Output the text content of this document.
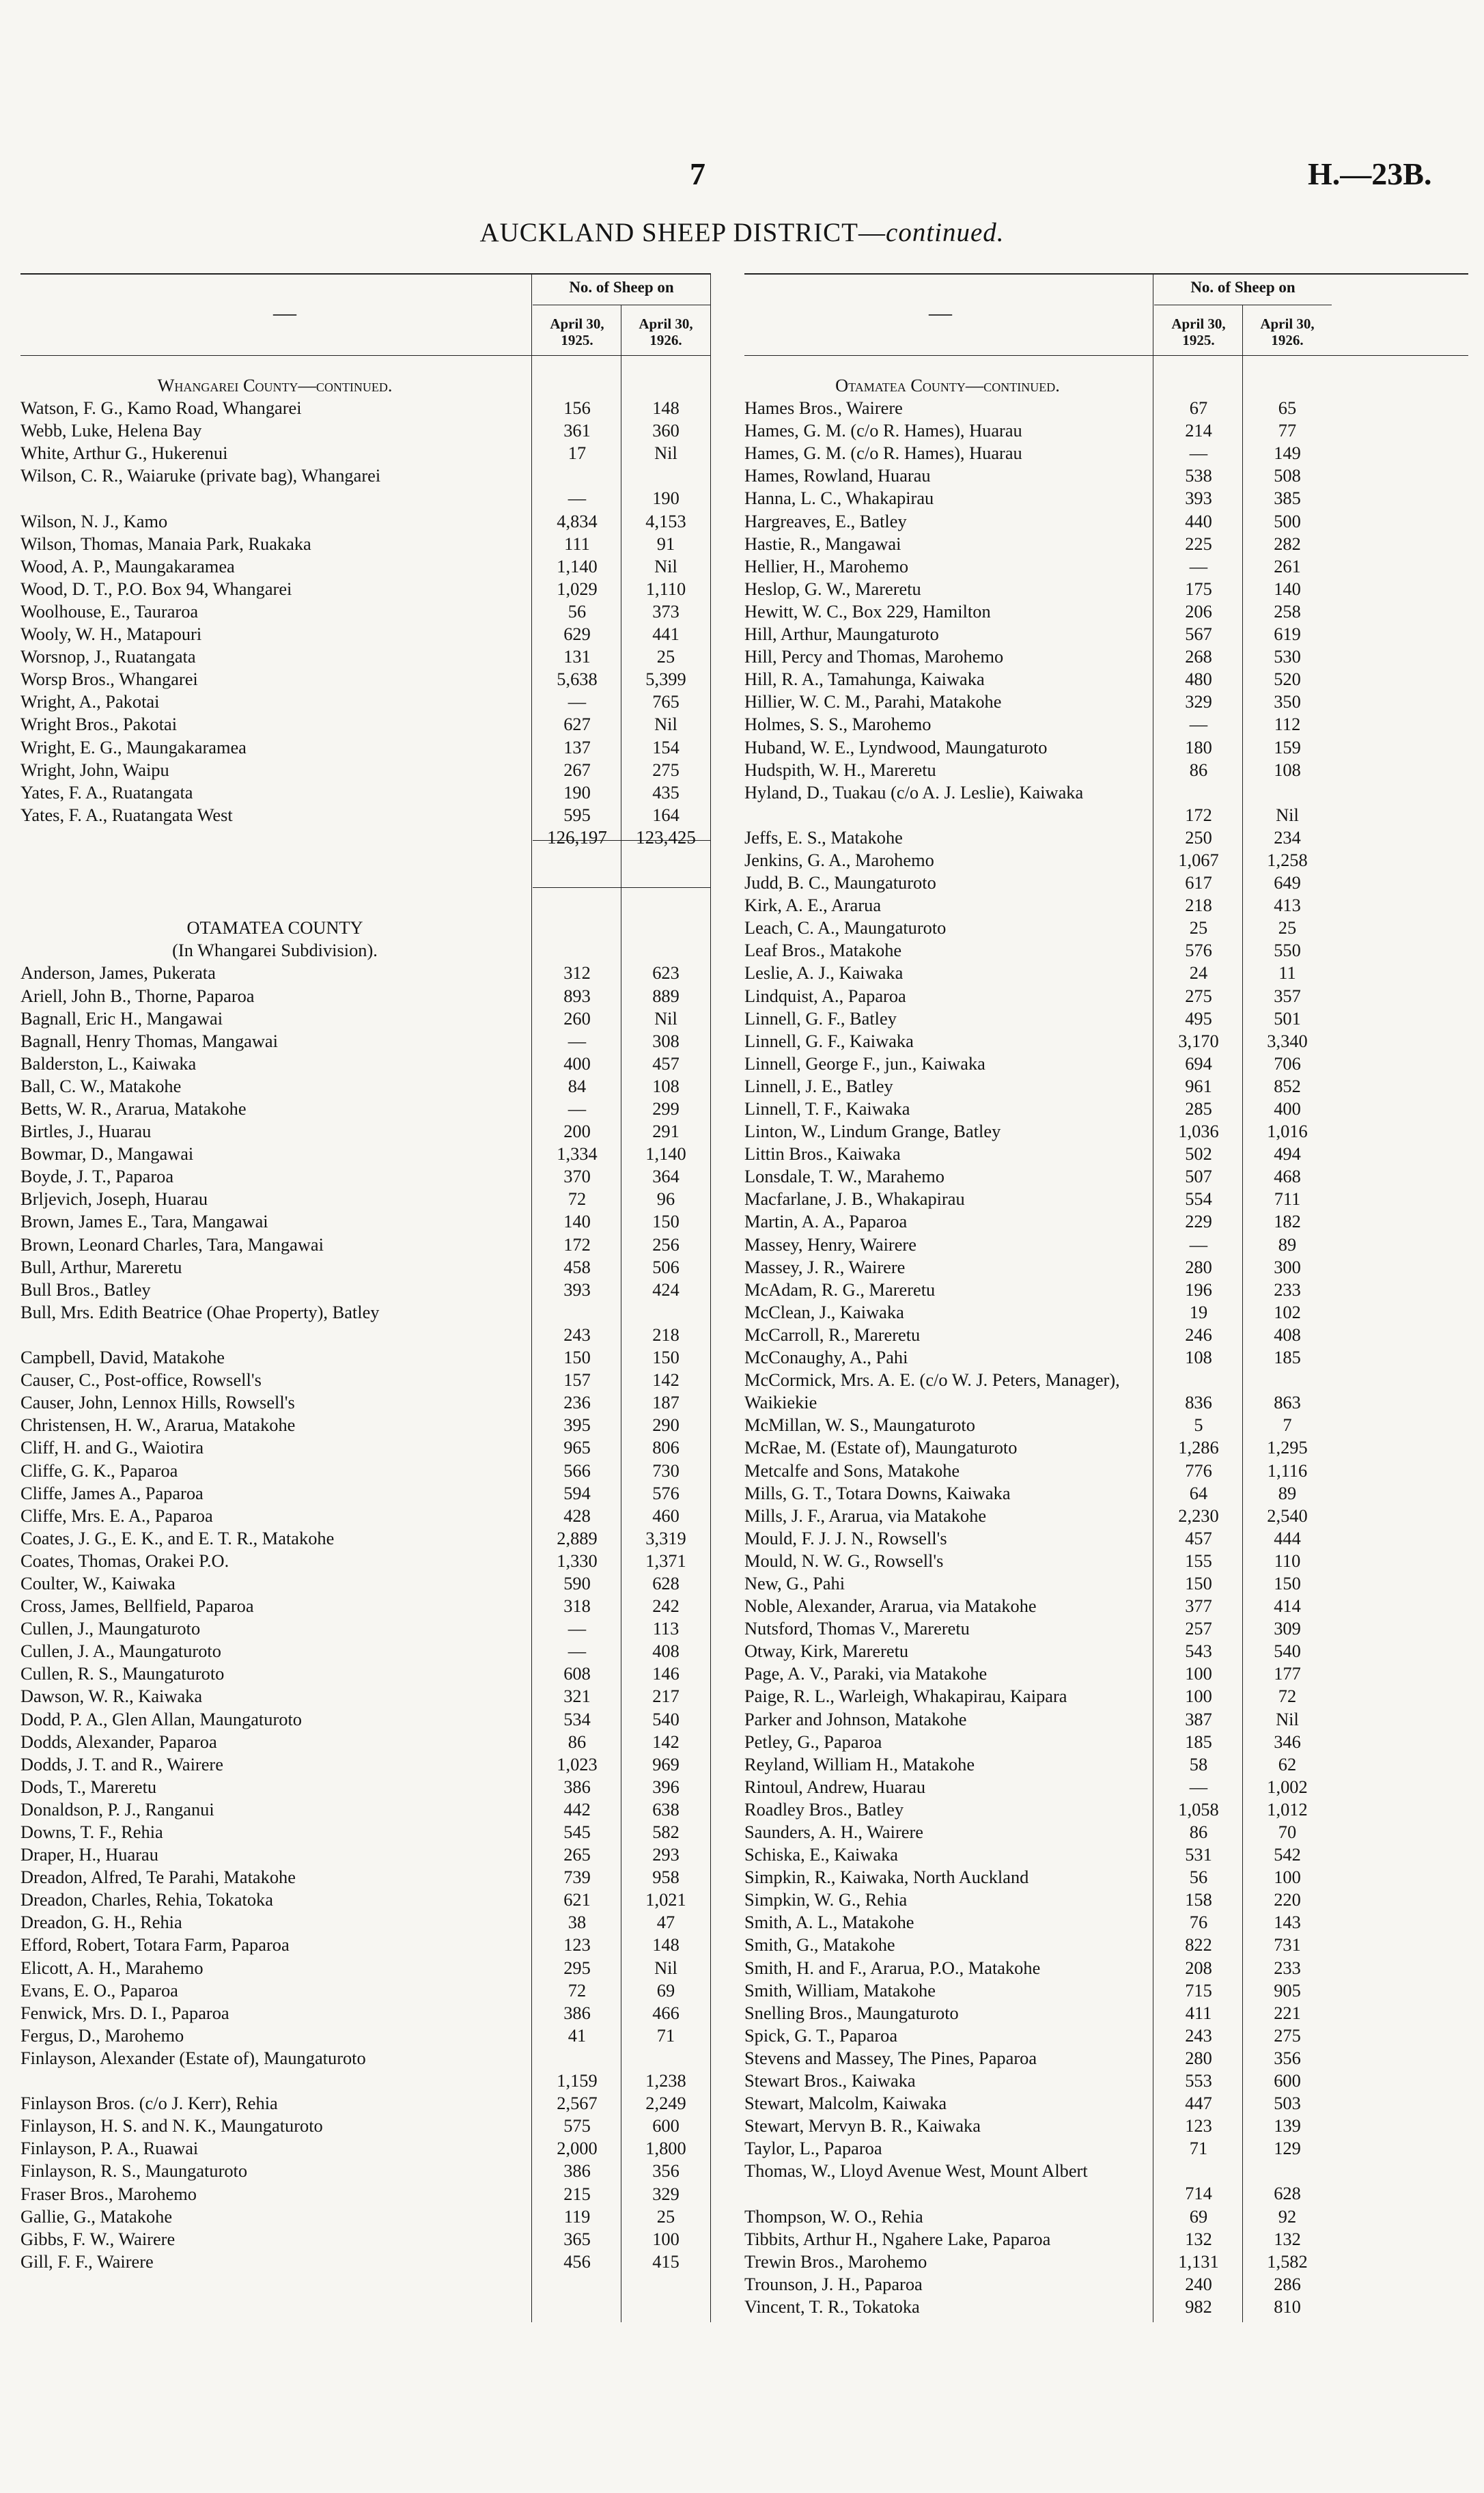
7	H.—23B.
AUCKLAND SHEEP DISTRICT—continued.
—
No. of Sheep on
April 30,
1925.
April 30,
1926.
—
No. of Sheep on
April 30,
1925.
April 30,
1926.
Whangarei County—continued.
Watson, F. G., Kamo Road, Whangarei	156	148
Webb, Luke, Helena Bay	361	360
White, Arthur G., Hukerenui	17	Nil
Wilson, C. R., Waiaruke (private bag), Whangarei
—	190
Wilson, N. J., Kamo	4,834	4,153
Wilson, Thomas, Manaia Park, Ruakaka	111	91
Wood, A. P., Maungakaramea	1,140	Nil
Wood, D. T., P.O. Box 94, Whangarei	1,029	1,110
Woolhouse, E., Tauraroa	56	373
Wooly, W. H., Matapouri	629	441
Worsnop, J., Ruatangata	131	25
Worsp Bros., Whangarei	5,638	5,399
Wright, A., Pakotai	—	765
Wright Bros., Pakotai	627	Nil
Wright, E. G., Maungakaramea	137	154
Wright, John, Waipu	267	275
Yates, F. A., Ruatangata	190	435
Yates, F. A., Ruatangata West	595	164
126,197	123,425
OTAMATEA COUNTY
(In Whangarei Subdivision).
Anderson, James, Pukerata	312	623
Ariell, John B., Thorne, Paparoa	893	889
Bagnall, Eric H., Mangawai	260	Nil
Bagnall, Henry Thomas, Mangawai	—	308
Balderston, L., Kaiwaka	400	457
Ball, C. W., Matakohe	84	108
Betts, W. R., Ararua, Matakohe	—	299
Birtles, J., Huarau	200	291
Bowmar, D., Mangawai	1,334	1,140
Boyde, J. T., Paparoa	370	364
Brljevich, Joseph, Huarau	72	96
Brown, James E., Tara, Mangawai	140	150
Brown, Leonard Charles, Tara, Mangawai	172	256
Bull, Arthur, Mareretu	458	506
Bull Bros., Batley	393	424
Bull, Mrs. Edith Beatrice (Ohae Property), Batley
243	218
Campbell, David, Matakohe	150	150
Causer, C., Post-office, Rowsell's	157	142
Causer, John, Lennox Hills, Rowsell's	236	187
Christensen, H. W., Ararua, Matakohe	395	290
Cliff, H. and G., Waiotira	965	806
Cliffe, G. K., Paparoa	566	730
Cliffe, James A., Paparoa	594	576
Cliffe, Mrs. E. A., Paparoa	428	460
Coates, J. G., E. K., and E. T. R., Matakohe	2,889	3,319
Coates, Thomas, Orakei P.O.	1,330	1,371
Coulter, W., Kaiwaka	590	628
Cross, James, Bellfield, Paparoa	318	242
Cullen, J., Maungaturoto	—	113
Cullen, J. A., Maungaturoto	—	408
Cullen, R. S., Maungaturoto	608	146
Dawson, W. R., Kaiwaka	321	217
Dodd, P. A., Glen Allan, Maungaturoto	534	540
Dodds, Alexander, Paparoa	86	142
Dodds, J. T. and R., Wairere	1,023	969
Dods, T., Mareretu	386	396
Donaldson, P. J., Ranganui	442	638
Downs, T. F., Rehia	545	582
Draper, H., Huarau	265	293
Dreadon, Alfred, Te Parahi, Matakohe	739	958
Dreadon, Charles, Rehia, Tokatoka	621	1,021
Dreadon, G. H., Rehia	38	47
Efford, Robert, Totara Farm, Paparoa	123	148
Elicott, A. H., Marahemo	295	Nil
Evans, E. O., Paparoa	72	69
Fenwick, Mrs. D. I., Paparoa	386	466
Fergus, D., Marohemo	41	71
Finlayson, Alexander (Estate of), Maungaturoto
1,159	1,238
Finlayson Bros. (c/o J. Kerr), Rehia	2,567	2,249
Finlayson, H. S. and N. K., Maungaturoto	575	600
Finlayson, P. A., Ruawai	2,000	1,800
Finlayson, R. S., Maungaturoto	386	356
Fraser Bros., Marohemo	215	329
Gallie, G., Matakohe	119	25
Gibbs, F. W., Wairere	365	100
Gill, F. F., Wairere	456	415
Otamatea County—continued.
Hames Bros., Wairere	67	65
Hames, G. M. (c/o R. Hames), Huarau	214	77
Hames, G. M. (c/o R. Hames), Huarau	—	149
Hames, Rowland, Huarau	538	508
Hanna, L. C., Whakapirau	393	385
Hargreaves, E., Batley	440	500
Hastie, R., Mangawai	225	282
Hellier, H., Marohemo	—	261
Heslop, G. W., Mareretu	175	140
Hewitt, W. C., Box 229, Hamilton	206	258
Hill, Arthur, Maungaturoto	567	619
Hill, Percy and Thomas, Marohemo	268	530
Hill, R. A., Tamahunga, Kaiwaka	480	520
Hillier, W. C. M., Parahi, Matakohe	329	350
Holmes, S. S., Marohemo	—	112
Huband, W. E., Lyndwood, Maungaturoto	180	159
Hudspith, W. H., Mareretu	86	108
Hyland, D., Tuakau (c/o A. J. Leslie), Kaiwaka
172	Nil
Jeffs, E. S., Matakohe	250	234
Jenkins, G. A., Marohemo	1,067	1,258
Judd, B. C., Maungaturoto	617	649
Kirk, A. E., Ararua	218	413
Leach, C. A., Maungaturoto	25	25
Leaf Bros., Matakohe	576	550
Leslie, A. J., Kaiwaka	24	11
Lindquist, A., Paparoa	275	357
Linnell, G. F., Batley	495	501
Linnell, G. F., Kaiwaka	3,170	3,340
Linnell, George F., jun., Kaiwaka	694	706
Linnell, J. E., Batley	961	852
Linnell, T. F., Kaiwaka	285	400
Linton, W., Lindum Grange, Batley	1,036	1,016
Littin Bros., Kaiwaka	502	494
Lonsdale, T. W., Marahemo	507	468
Macfarlane, J. B., Whakapirau	554	711
Martin, A. A., Paparoa	229	182
Massey, Henry, Wairere	—	89
Massey, J. R., Wairere	280	300
McAdam, R. G., Mareretu	196	233
McClean, J., Kaiwaka	19	102
McCarroll, R., Mareretu	246	408
McConaughy, A., Pahi	108	185
McCormick, Mrs. A. E. (c/o W. J. Peters, Manager), Waikiekie	836	863
McMillan, W. S., Maungaturoto	5	7
McRae, M. (Estate of), Maungaturoto	1,286	1,295
Metcalfe and Sons, Matakohe	776	1,116
Mills, G. T., Totara Downs, Kaiwaka	64	89
Mills, J. F., Ararua, via Matakohe	2,230	2,540
Mould, F. J. J. N., Rowsell's	457	444
Mould, N. W. G., Rowsell's	155	110
New, G., Pahi	150	150
Noble, Alexander, Ararua, via Matakohe	377	414
Nutsford, Thomas V., Mareretu	257	309
Otway, Kirk, Mareretu	543	540
Page, A. V., Paraki, via Matakohe	100	177
Paige, R. L., Warleigh, Whakapirau, Kaipara	100	72
Parker and Johnson, Matakohe	387	Nil
Petley, G., Paparoa	185	346
Reyland, William H., Matakohe	58	62
Rintoul, Andrew, Huarau	—	1,002
Roadley Bros., Batley	1,058	1,012
Saunders, A. H., Wairere	86	70
Schiska, E., Kaiwaka	531	542
Simpkin, R., Kaiwaka, North Auckland	56	100
Simpkin, W. G., Rehia	158	220
Smith, A. L., Matakohe	76	143
Smith, G., Matakohe	822	731
Smith, H. and F., Ararua, P.O., Matakohe	208	233
Smith, William, Matakohe	715	905
Snelling Bros., Maungaturoto	411	221
Spick, G. T., Paparoa	243	275
Stevens and Massey, The Pines, Paparoa	280	356
Stewart Bros., Kaiwaka	553	600
Stewart, Malcolm, Kaiwaka	447	503
Stewart, Mervyn B. R., Kaiwaka	123	139
Taylor, L., Paparoa	71	129
Thomas, W., Lloyd Avenue West, Mount Albert
714	628
Thompson, W. O., Rehia	69	92
Tibbits, Arthur H., Ngahere Lake, Paparoa	132	132
Trewin Bros., Marohemo	1,131	1,582
Trounson, J. H., Paparoa	240	286
Vincent, T. R., Tokatoka	982	810
